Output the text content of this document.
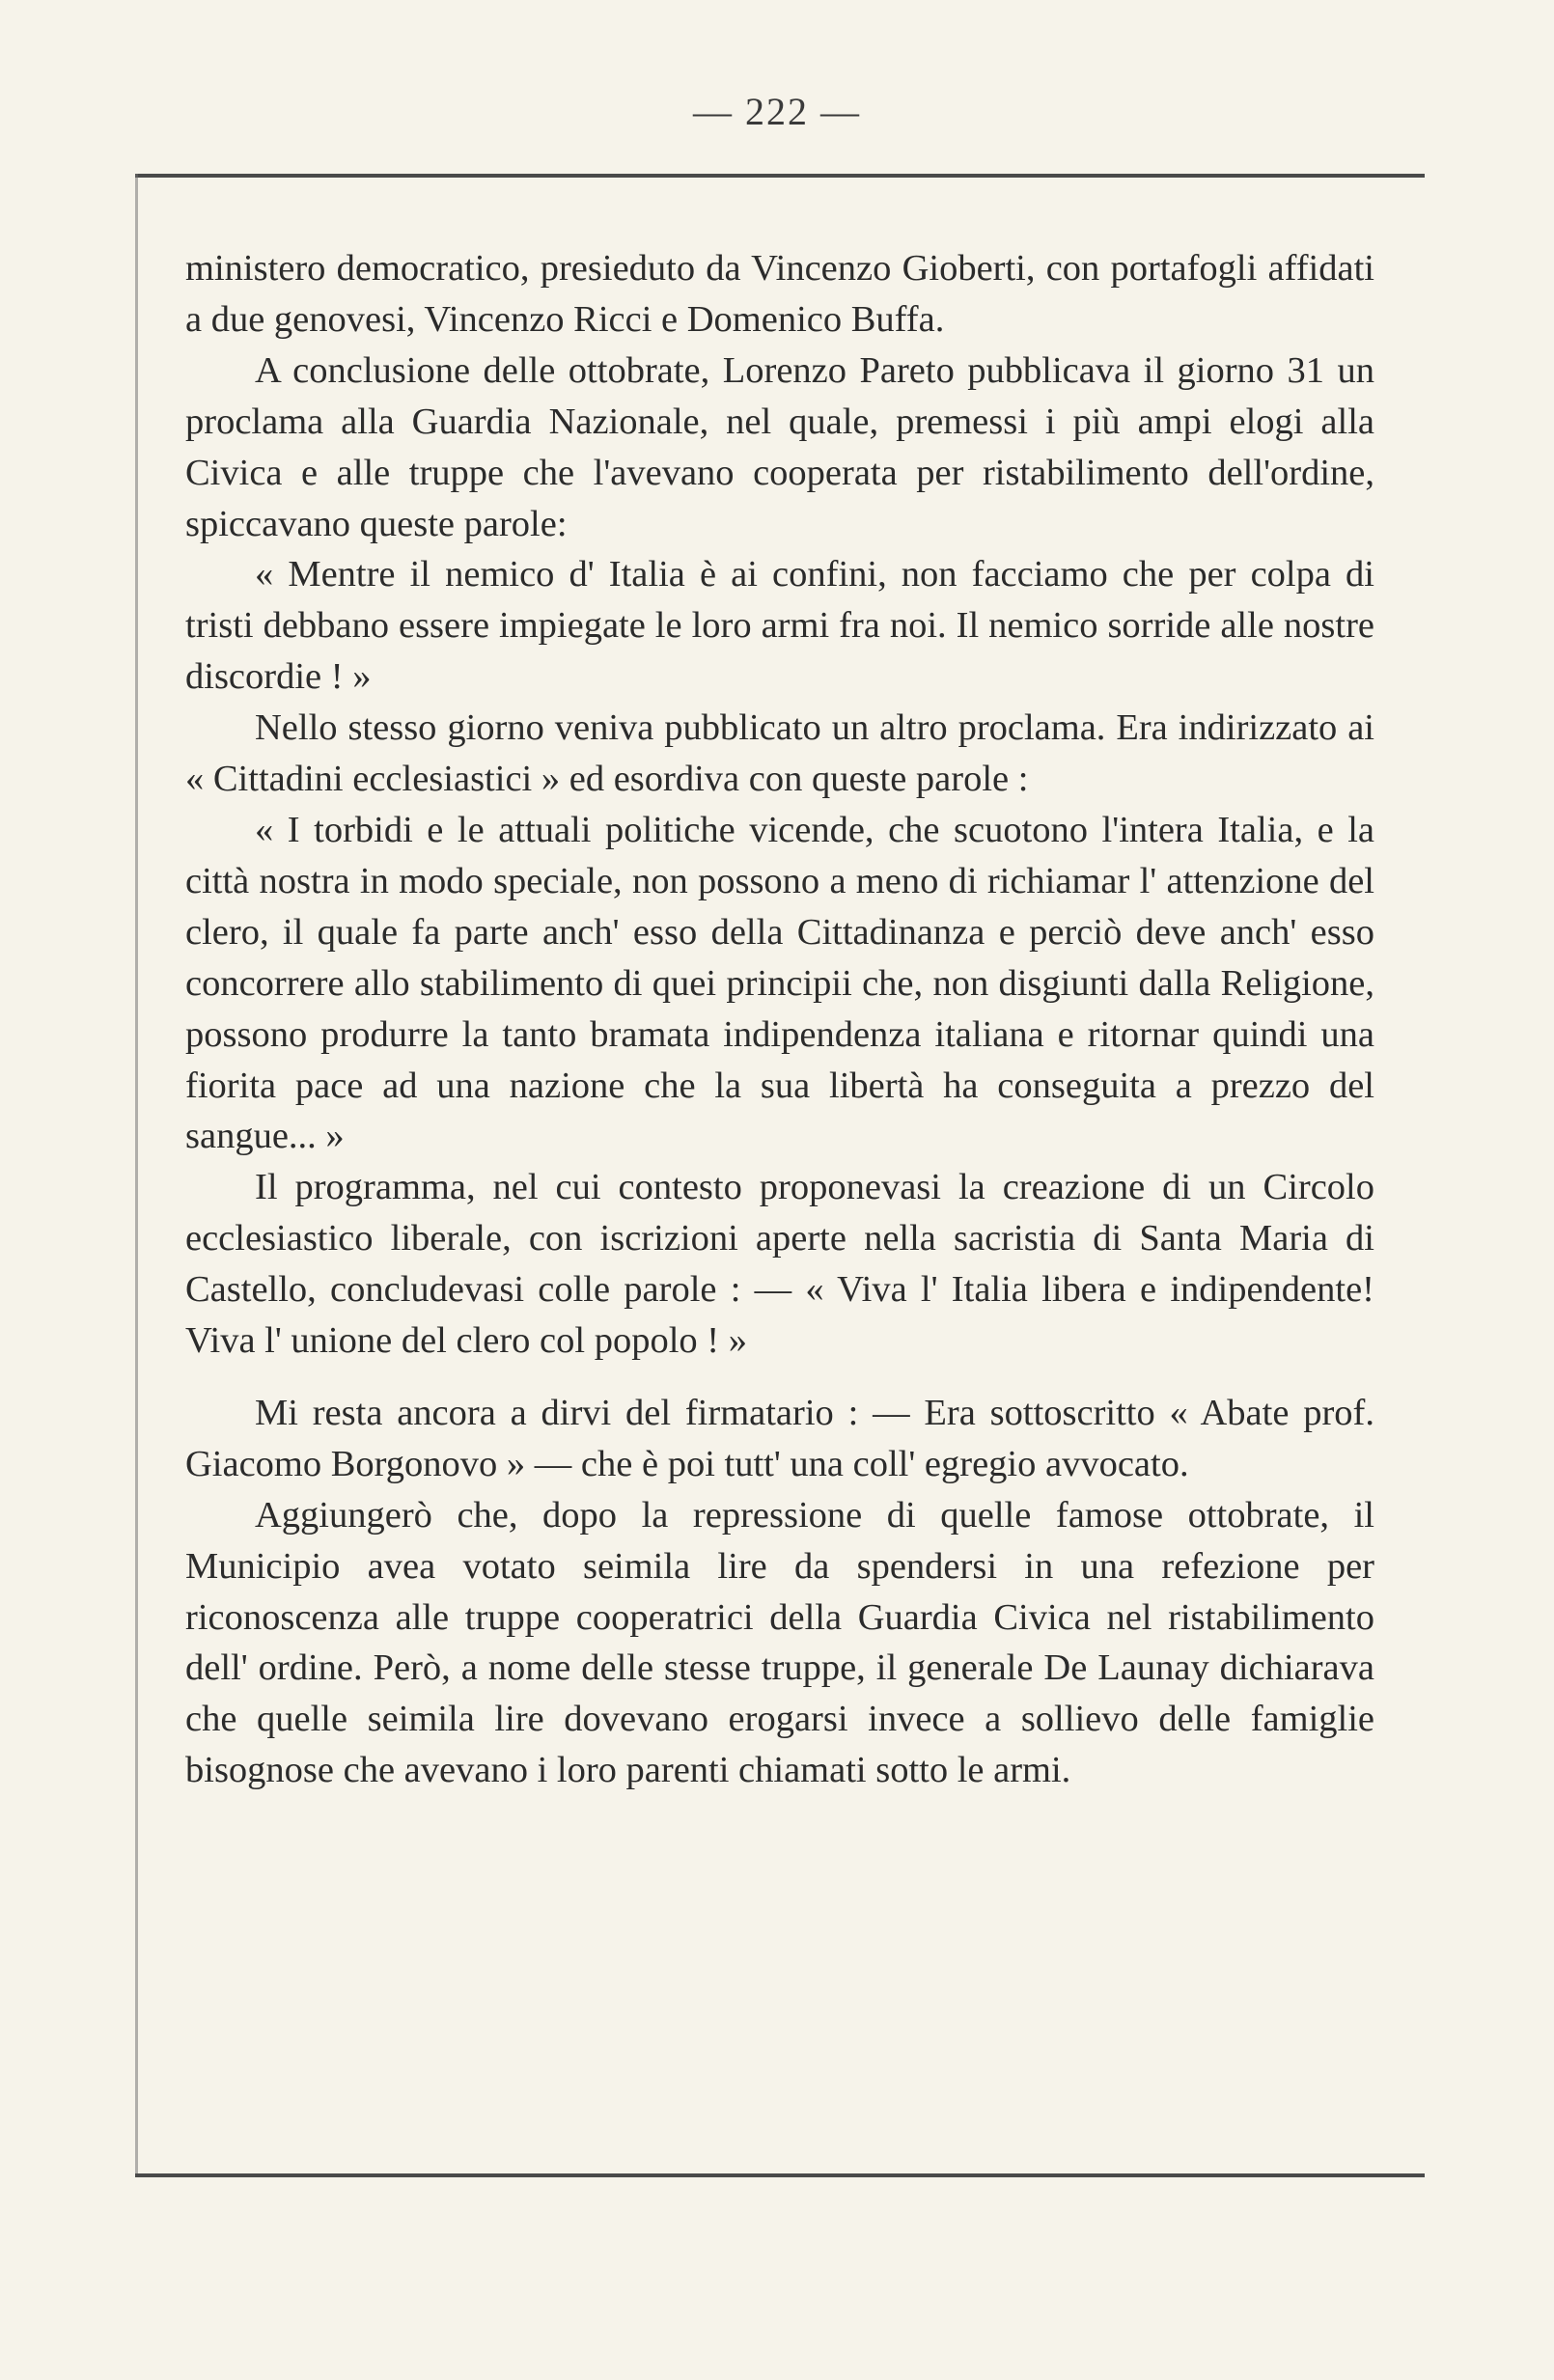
— 222 —

ministero democratico, presieduto da Vincenzo Gioberti, con portafogli affidati a due genovesi, Vincenzo Ricci e Domenico Buffa.

A conclusione delle ottobrate, Lorenzo Pareto pubblicava il giorno 31 un proclama alla Guardia Nazionale, nel quale, premessi i più ampi elogi alla Civica e alle truppe che l'avevano cooperata per ristabilimento dell'ordine, spiccavano queste parole:

« Mentre il nemico d' Italia è ai confini, non facciamo che per colpa di tristi debbano essere impiegate le loro armi fra noi. Il nemico sorride alle nostre discordie ! »

Nello stesso giorno veniva pubblicato un altro proclama. Era indirizzato ai « Cittadini ecclesiastici » ed esordiva con queste parole :

« I torbidi e le attuali politiche vicende, che scuotono l'intera Italia, e la città nostra in modo speciale, non possono a meno di richiamar l' attenzione del clero, il quale fa parte anch' esso della Cittadinanza e perciò deve anch' esso concorrere allo stabilimento di quei principii che, non disgiunti dalla Religione, possono produrre la tanto bramata indipendenza italiana e ritornar quindi una fiorita pace ad una nazione che la sua libertà ha conseguita a prezzo del sangue... »

Il programma, nel cui contesto proponevasi la creazione di un Circolo ecclesiastico liberale, con iscrizioni aperte nella sacristia di Santa Maria di Castello, concludevasi colle parole : — « Viva l' Italia libera e indipendente! Viva l' unione del clero col popolo ! »

Mi resta ancora a dirvi del firmatario : — Era sottoscritto « Abate prof. Giacomo Borgonovo » — che è poi tutt' una coll' egregio avvocato.

Aggiungerò che, dopo la repressione di quelle famose ottobrate, il Municipio avea votato seimila lire da spendersi in una refezione per riconoscenza alle truppe cooperatrici della Guardia Civica nel ristabilimento dell' ordine. Però, a nome delle stesse truppe, il generale De Launay dichiarava che quelle seimila lire dovevano erogarsi invece a sollievo delle famiglie bisognose che avevano i loro parenti chiamati sotto le armi.
